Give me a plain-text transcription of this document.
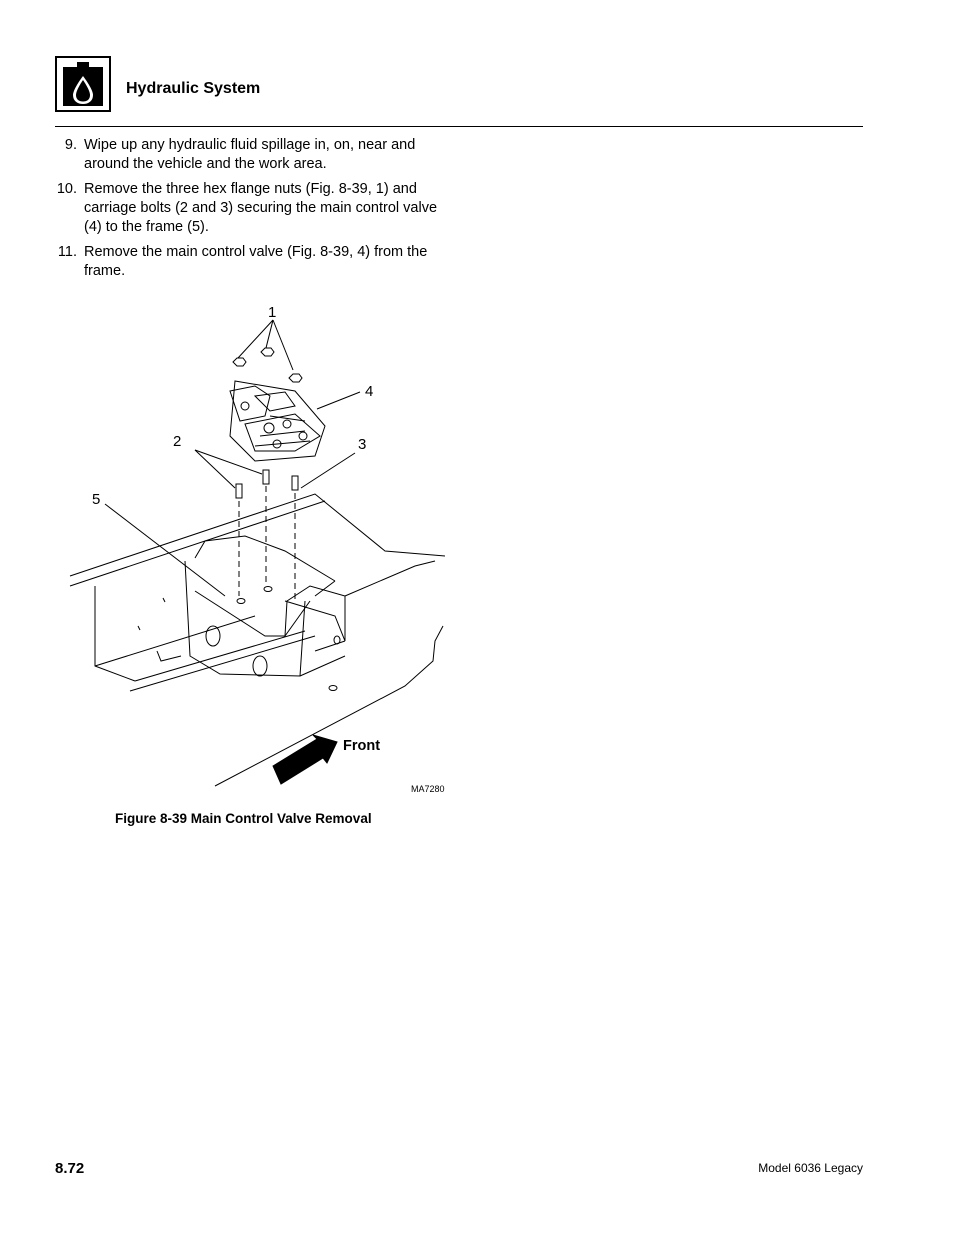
Hydraulic System
9. Wipe up any hydraulic fluid spillage in, on, near and around the vehicle and the work area.
10. Remove the three hex flange nuts (Fig. 8-39, 1) and carriage bolts (2 and 3) securing the main control valve (4) to the frame (5).
11. Remove the main control valve (Fig. 8-39, 4) from the frame.
1
2	3
4
5
Front
MA7280
Figure 8-39 Main Control Valve Removal
8.72	Model 6036 Legacy
